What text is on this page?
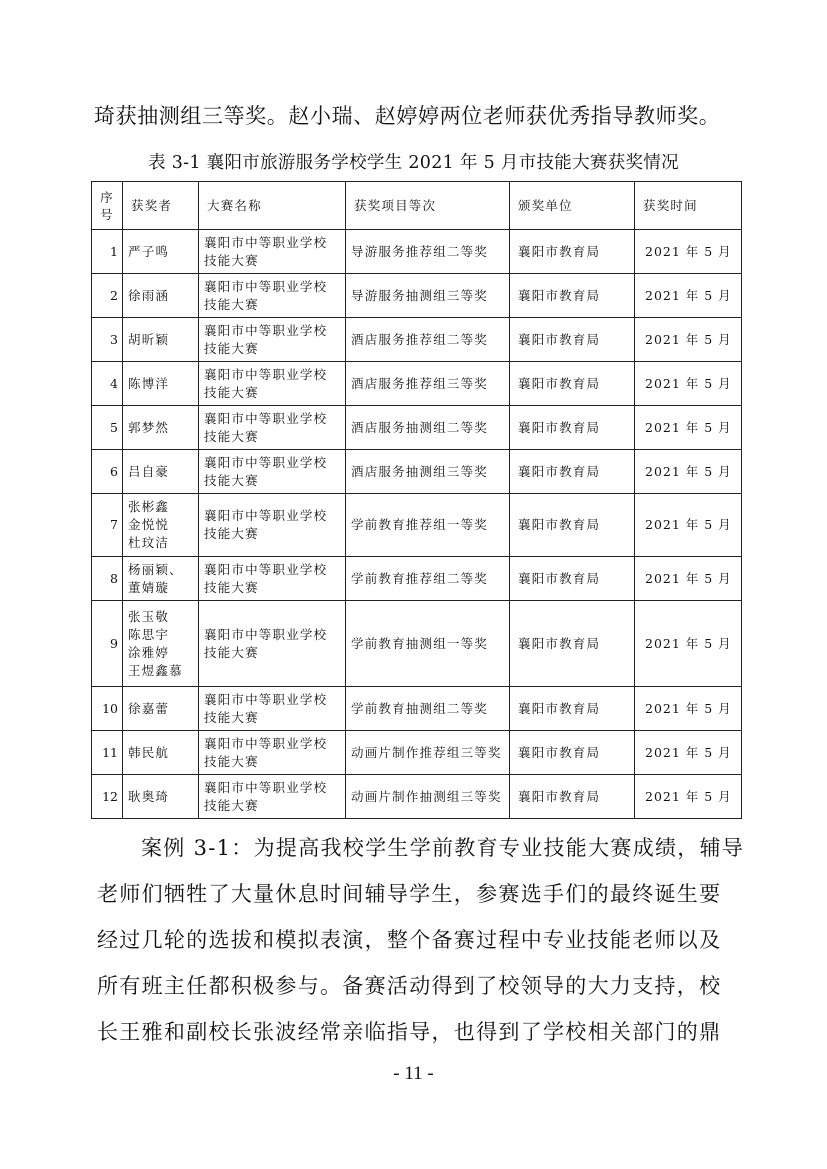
琦获抽测组三等奖。赵小瑞、赵婷婷两位老师获优秀指导教师奖。
表 3-1 襄阳市旅游服务学校学生 2021 年 5 月市技能大赛获奖情况
序号	获奖者	大赛名称	获奖项目等次	颁奖单位	获奖时间
1	严子鸣	襄阳市中等职业学校技能大赛	导游服务推荐组二等奖	襄阳市教育局	2021 年 5 月
2	徐雨涵	襄阳市中等职业学校技能大赛	导游服务抽测组三等奖	襄阳市教育局	2021 年 5 月
3	胡昕颖	襄阳市中等职业学校技能大赛	酒店服务推荐组二等奖	襄阳市教育局	2021 年 5 月
4	陈博洋	襄阳市中等职业学校技能大赛	酒店服务推荐组三等奖	襄阳市教育局	2021 年 5 月
5	郭梦然	襄阳市中等职业学校技能大赛	酒店服务抽测组二等奖	襄阳市教育局	2021 年 5 月
6	吕自豪	襄阳市中等职业学校技能大赛	酒店服务抽测组三等奖	襄阳市教育局	2021 年 5 月
7	张彬鑫
金悦悦
杜玟洁	襄阳市中等职业学校技能大赛	学前教育推荐组一等奖	襄阳市教育局	2021 年 5 月
8	杨丽颖、
董婧璇	襄阳市中等职业学校技能大赛	学前教育推荐组二等奖	襄阳市教育局	2021 年 5 月
9	张玉敬
陈思宇
涂雅婷
王煜鑫慕	襄阳市中等职业学校技能大赛	学前教育抽测组一等奖	襄阳市教育局	2021 年 5 月
10	徐嘉蕾	襄阳市中等职业学校技能大赛	学前教育抽测组二等奖	襄阳市教育局	2021 年 5 月
11	韩民航	襄阳市中等职业学校技能大赛	动画片制作推荐组三等奖	襄阳市教育局	2021 年 5 月
12	耿奥琦	襄阳市中等职业学校技能大赛	动画片制作抽测组三等奖	襄阳市教育局	2021 年 5 月
案例 3-1：为提高我校学生学前教育专业技能大赛成绩，辅导
老师们牺牲了大量休息时间辅导学生，参赛选手们的最终诞生要
经过几轮的选拔和模拟表演，整个备赛过程中专业技能老师以及
所有班主任都积极参与。备赛活动得到了校领导的大力支持，校
长王雅和副校长张波经常亲临指导，也得到了学校相关部门的鼎
- 11 -
